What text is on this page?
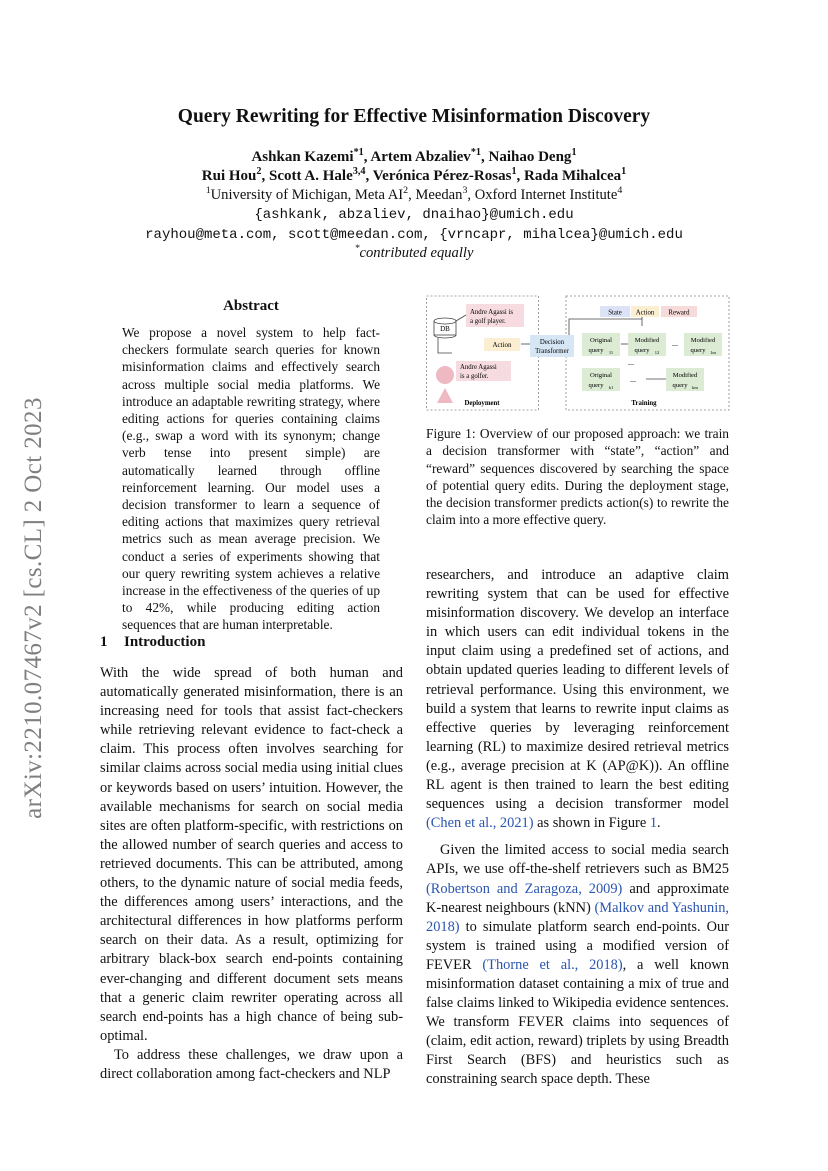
arXiv:2210.07467v2 [cs.CL] 2 Oct 2023
Query Rewriting for Effective Misinformation Discovery
Ashkan Kazemi$^{*1}$, Artem Abzaliev$^{*1}$, Naihao Deng$^1$
Rui Hou$^2$, Scott A. Hale$^{3,4}$, Verónica Pérez-Rosas$^1$, Rada Mihalcea$^1$
$^1$University of Michigan, Meta $AI^2$, Meedan$^3$, Oxford Internet Institute$^4$
{ashkank, abzaliev, dnaihao}@umich.edu
rayhou@meta.com, scott@meedan.com, {vrncapr, mihalcea}@umich.edu
*contributed equally
Abstract

We propose a novel system to help fact-checkers formulate search queries for known misinformation claims and effectively search across multiple social media platforms. We introduce an adaptable rewriting strategy, where editing actions for queries containing claims (e.g., swap a word with its synonym; change verb tense into present simple) are automatically learned through offline reinforcement learning. Our model uses a decision transformer to learn a sequence of editing actions that maximizes query retrieval metrics such as mean average precision. We conduct a series of experiments showing that our query rewriting system achieves a relative increase in the effectiveness of the queries of up to 42%, while producing editing action sequences that are human interpretable.

1 Introduction

With the wide spread of both human and automatically generated misinformation, there is an increasing need for tools that assist fact-checkers while retrieving relevant evidence to fact-check a claim. This process often involves searching for similar claims across social media using initial clues or keywords based on users’ intuition. However, the available mechanisms for search on social media sites are often platform-specific, with restrictions on the allowed number of search queries and access to retrieved documents. This can be attributed, among others, to the dynamic nature of social media feeds, the differences among users’ interactions, and the architectural differences in how platforms perform search on their data. As a result, optimizing for arbitrary black-box search end-points containing ever-changing and different document sets means that a generic claim rewriter operating across all search end-points has a high chance of being sub-optimal.

To address these challenges, we draw upon a direct collaboration among fact-checkers and NLP

DB
Andre Agassi is
a golf player.
Action
Andre Agassi
is a golfer.
Decision
Transformer
State Action Reward
Original
query 11
Modified
query 12
... Modified
query 1m
...
Original
query k1
...	Modified
query km
Deployment	Training
Figure 1: Overview of our proposed approach: we train a decision transformer with “state”, “action” and “reward” sequences discovered by searching the space of potential query edits. During the deployment stage, the decision transformer predicts action(s) to rewrite the claim into a more effective query.

researchers, and introduce an adaptive claim rewriting system that can be used for effective misinformation discovery. We develop an interface in which users can edit individual tokens in the input claim using a predefined set of actions, and obtain updated queries leading to different levels of retrieval performance. Using this environment, we build a system that learns to rewrite input claims as effective queries by leveraging reinforcement learning (RL) to maximize desired retrieval metrics (e.g., average precision at K (AP@K)). An offline RL agent is then trained to learn the best editing sequences using a decision transformer model (Chen et al., 2021) as shown in Figure 1.

Given the limited access to social media search APIs, we use off-the-shelf retrievers such as BM25 (Robertson and Zaragoza, 2009) and approximate K-nearest neighbours (kNN) (Malkov and Yashunin, 2018) to simulate platform search end-points. Our system is trained using a modified version of FEVER (Thorne et al., 2018), a well known misinformation dataset containing a mix of true and false claims linked to Wikipedia evidence sentences. We transform FEVER claims into sequences of (claim, edit action, reward) triplets by using Breadth First Search (BFS) and heuristics such as constraining search space depth. These
